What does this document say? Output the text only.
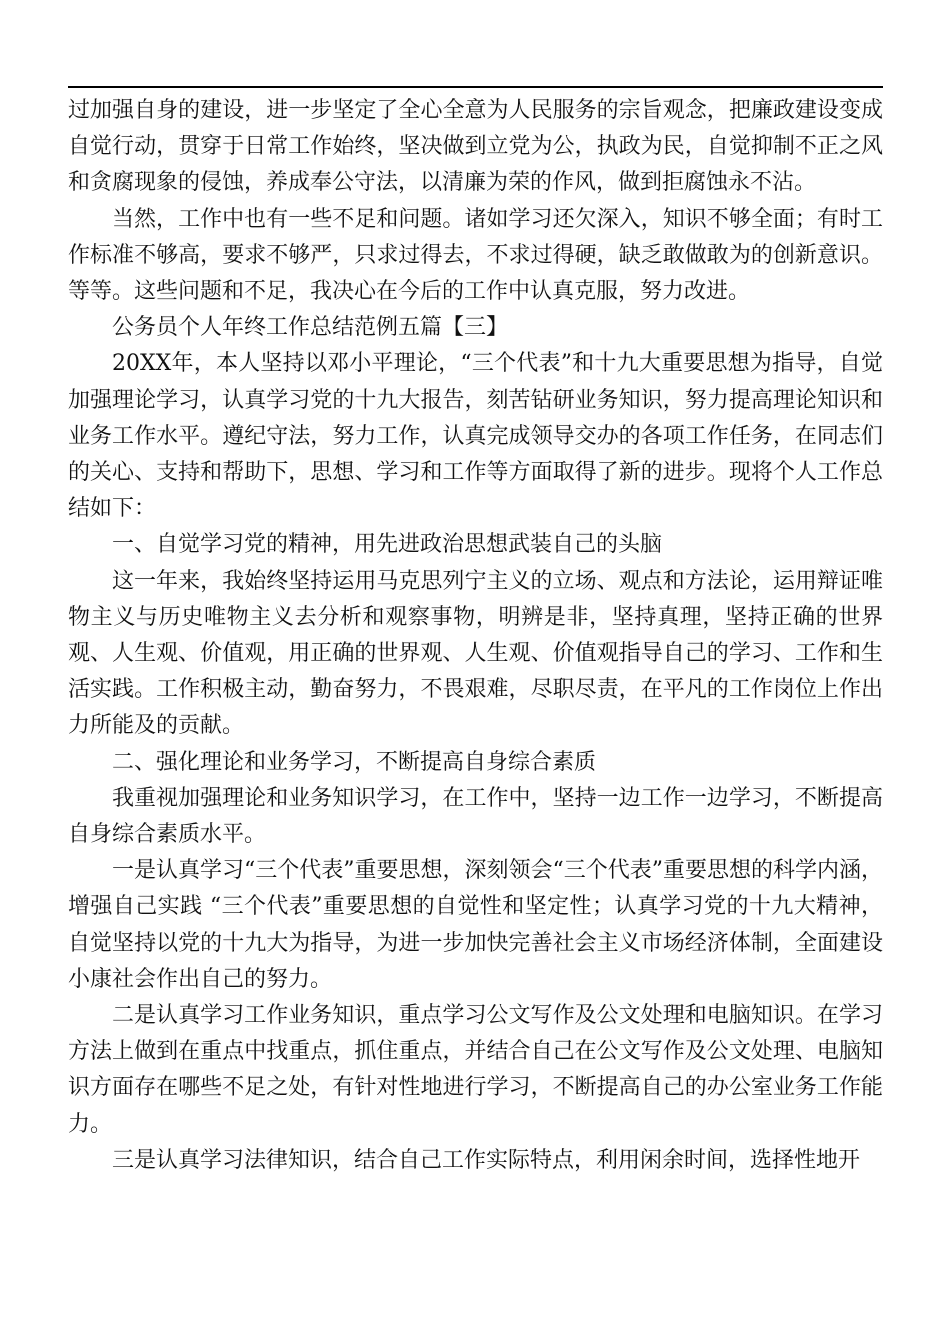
过加强自身的建设，进一步坚定了全心全意为人民服务的宗旨观念，把廉政建设变成自觉行动，贯穿于日常工作始终，坚决做到立党为公，执政为民，自觉抑制不正之风和贪腐现象的侵蚀，养成奉公守法，以清廉为荣的作风，做到拒腐蚀永不沾。

当然，工作中也有一些不足和问题。诸如学习还欠深入，知识不够全面；有时工作标准不够高，要求不够严，只求过得去，不求过得硬，缺乏敢做敢为的创新意识。等等。这些问题和不足，我决心在今后的工作中认真克服，努力改进。

公务员个人年终工作总结范例五篇【三】

20XX年，本人坚持以邓小平理论，“三个代表”和十九大重要思想为指导，自觉加强理论学习，认真学习党的十九大报告，刻苦钻研业务知识，努力提高理论知识和业务工作水平。遵纪守法，努力工作，认真完成领导交办的各项工作任务，在同志们的关心、支持和帮助下，思想、学习和工作等方面取得了新的进步。现将个人工作总结如下：

一、自觉学习党的精神，用先进政治思想武装自己的头脑

这一年来，我始终坚持运用马克思列宁主义的立场、观点和方法论，运用辩证唯物主义与历史唯物主义去分析和观察事物，明辨是非，坚持真理，坚持正确的世界观、人生观、价值观，用正确的世界观、人生观、价值观指导自己的学习、工作和生活实践。工作积极主动，勤奋努力，不畏艰难，尽职尽责，在平凡的工作岗位上作出力所能及的贡献。

二、强化理论和业务学习，不断提高自身综合素质

我重视加强理论和业务知识学习，在工作中，坚持一边工作一边学习，不断提高自身综合素质水平。

一是认真学习“三个代表”重要思想，深刻领会“三个代表”重要思想的科学内涵，增强自己实践 “三个代表”重要思想的自觉性和坚定性；认真学习党的十九大精神，自觉坚持以党的十九大为指导，为进一步加快完善社会主义市场经济体制，全面建设小康社会作出自己的努力。

二是认真学习工作业务知识，重点学习公文写作及公文处理和电脑知识。在学习方法上做到在重点中找重点，抓住重点，并结合自己在公文写作及公文处理、电脑知识方面存在哪些不足之处，有针对性地进行学习，不断提高自己的办公室业务工作能力。

三是认真学习法律知识，结合自己工作实际特点，利用闲余时间，选择性地开
